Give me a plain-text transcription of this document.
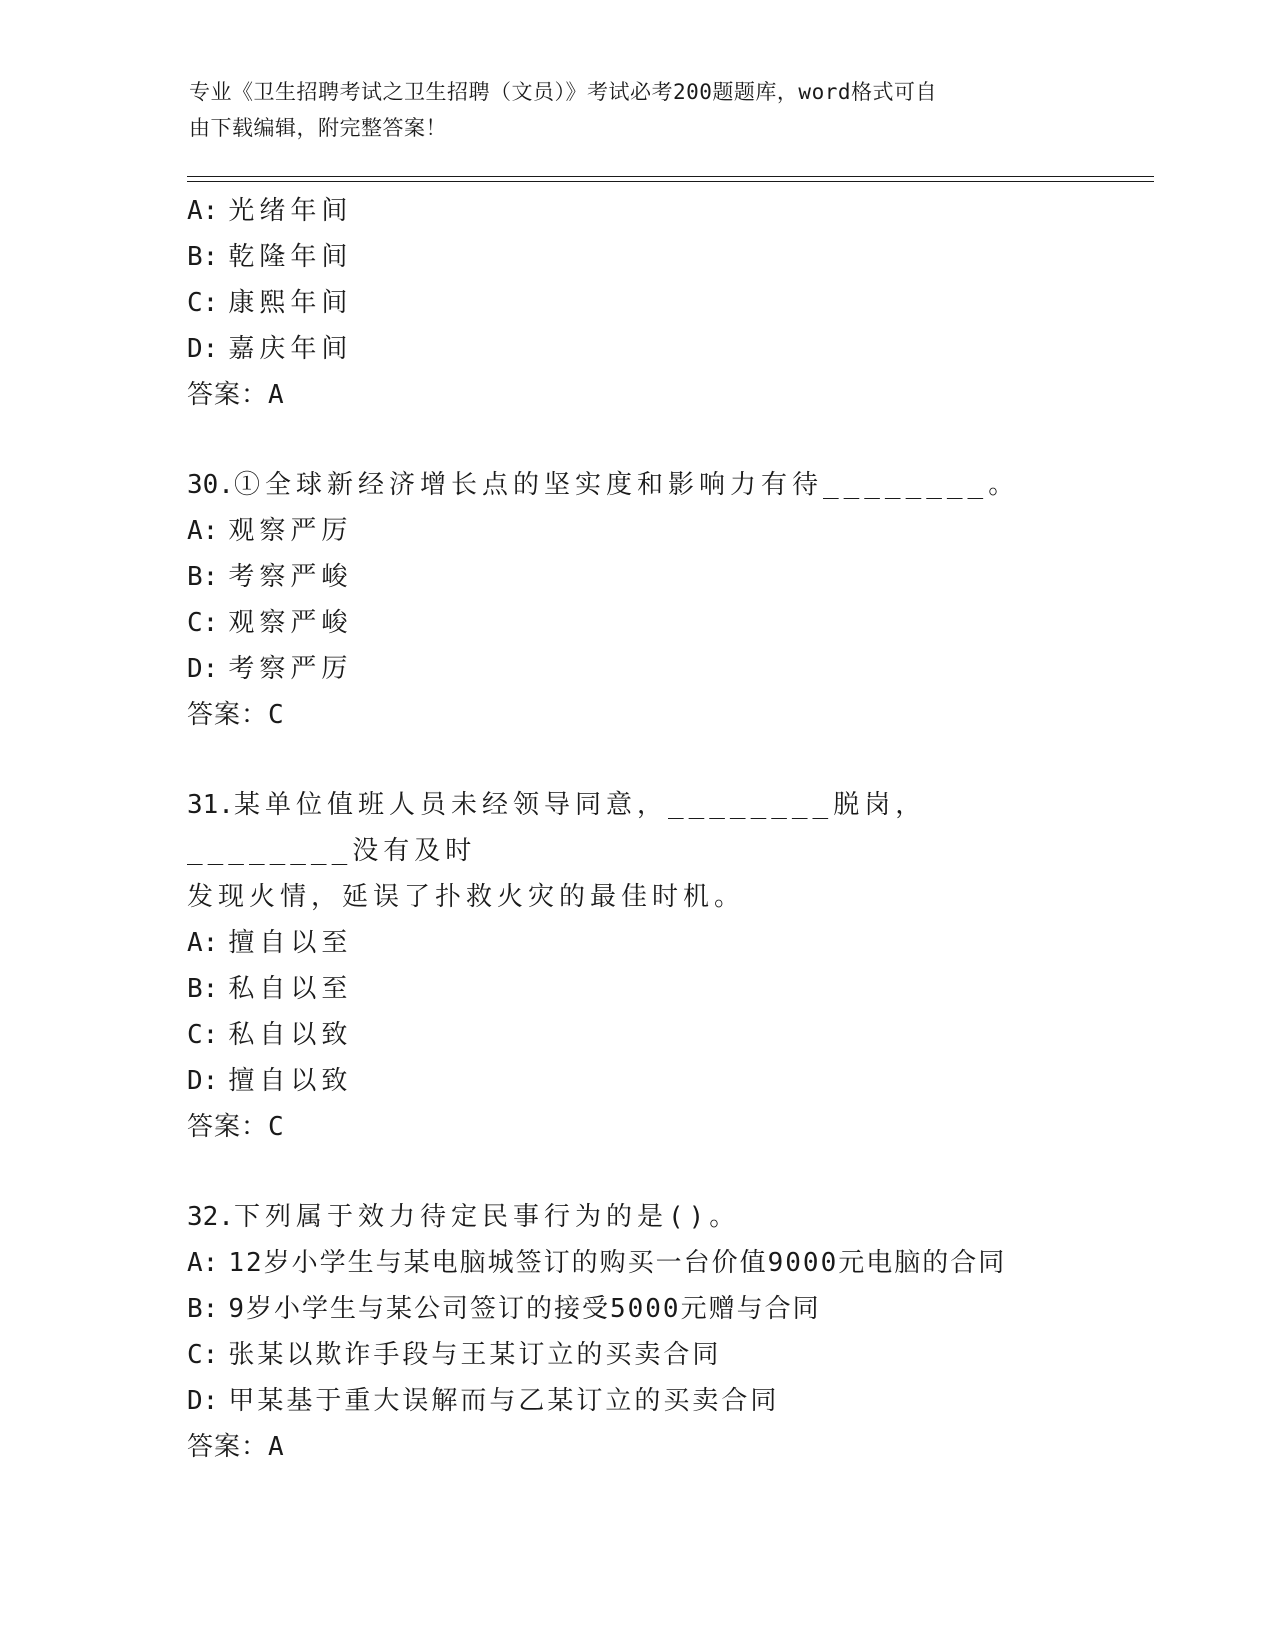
专业《卫生招聘考试之卫生招聘（文员）》考试必考200题题库，word格式可自
由下载编辑，附完整答案！
A: 光绪年间
B: 乾隆年间
C: 康熙年间
D: 嘉庆年间
答案：A
30.①全球新经济增长点的坚实度和影响力有待________。
A: 观察严厉
B: 考察严峻
C: 观察严峻
D: 考察严厉
答案：C
31.某单位值班人员未经领导同意，________脱岗，________没有及时
发现火情，延误了扑救火灾的最佳时机。
A: 擅自以至
B: 私自以至
C: 私自以致
D: 擅自以致
答案：C
32.下列属于效力待定民事行为的是()。
A: 12岁小学生与某电脑城签订的购买一台价值9000元电脑的合同
B: 9岁小学生与某公司签订的接受5000元赠与合同
C: 张某以欺诈手段与王某订立的买卖合同
D: 甲某基于重大误解而与乙某订立的买卖合同
答案：A
